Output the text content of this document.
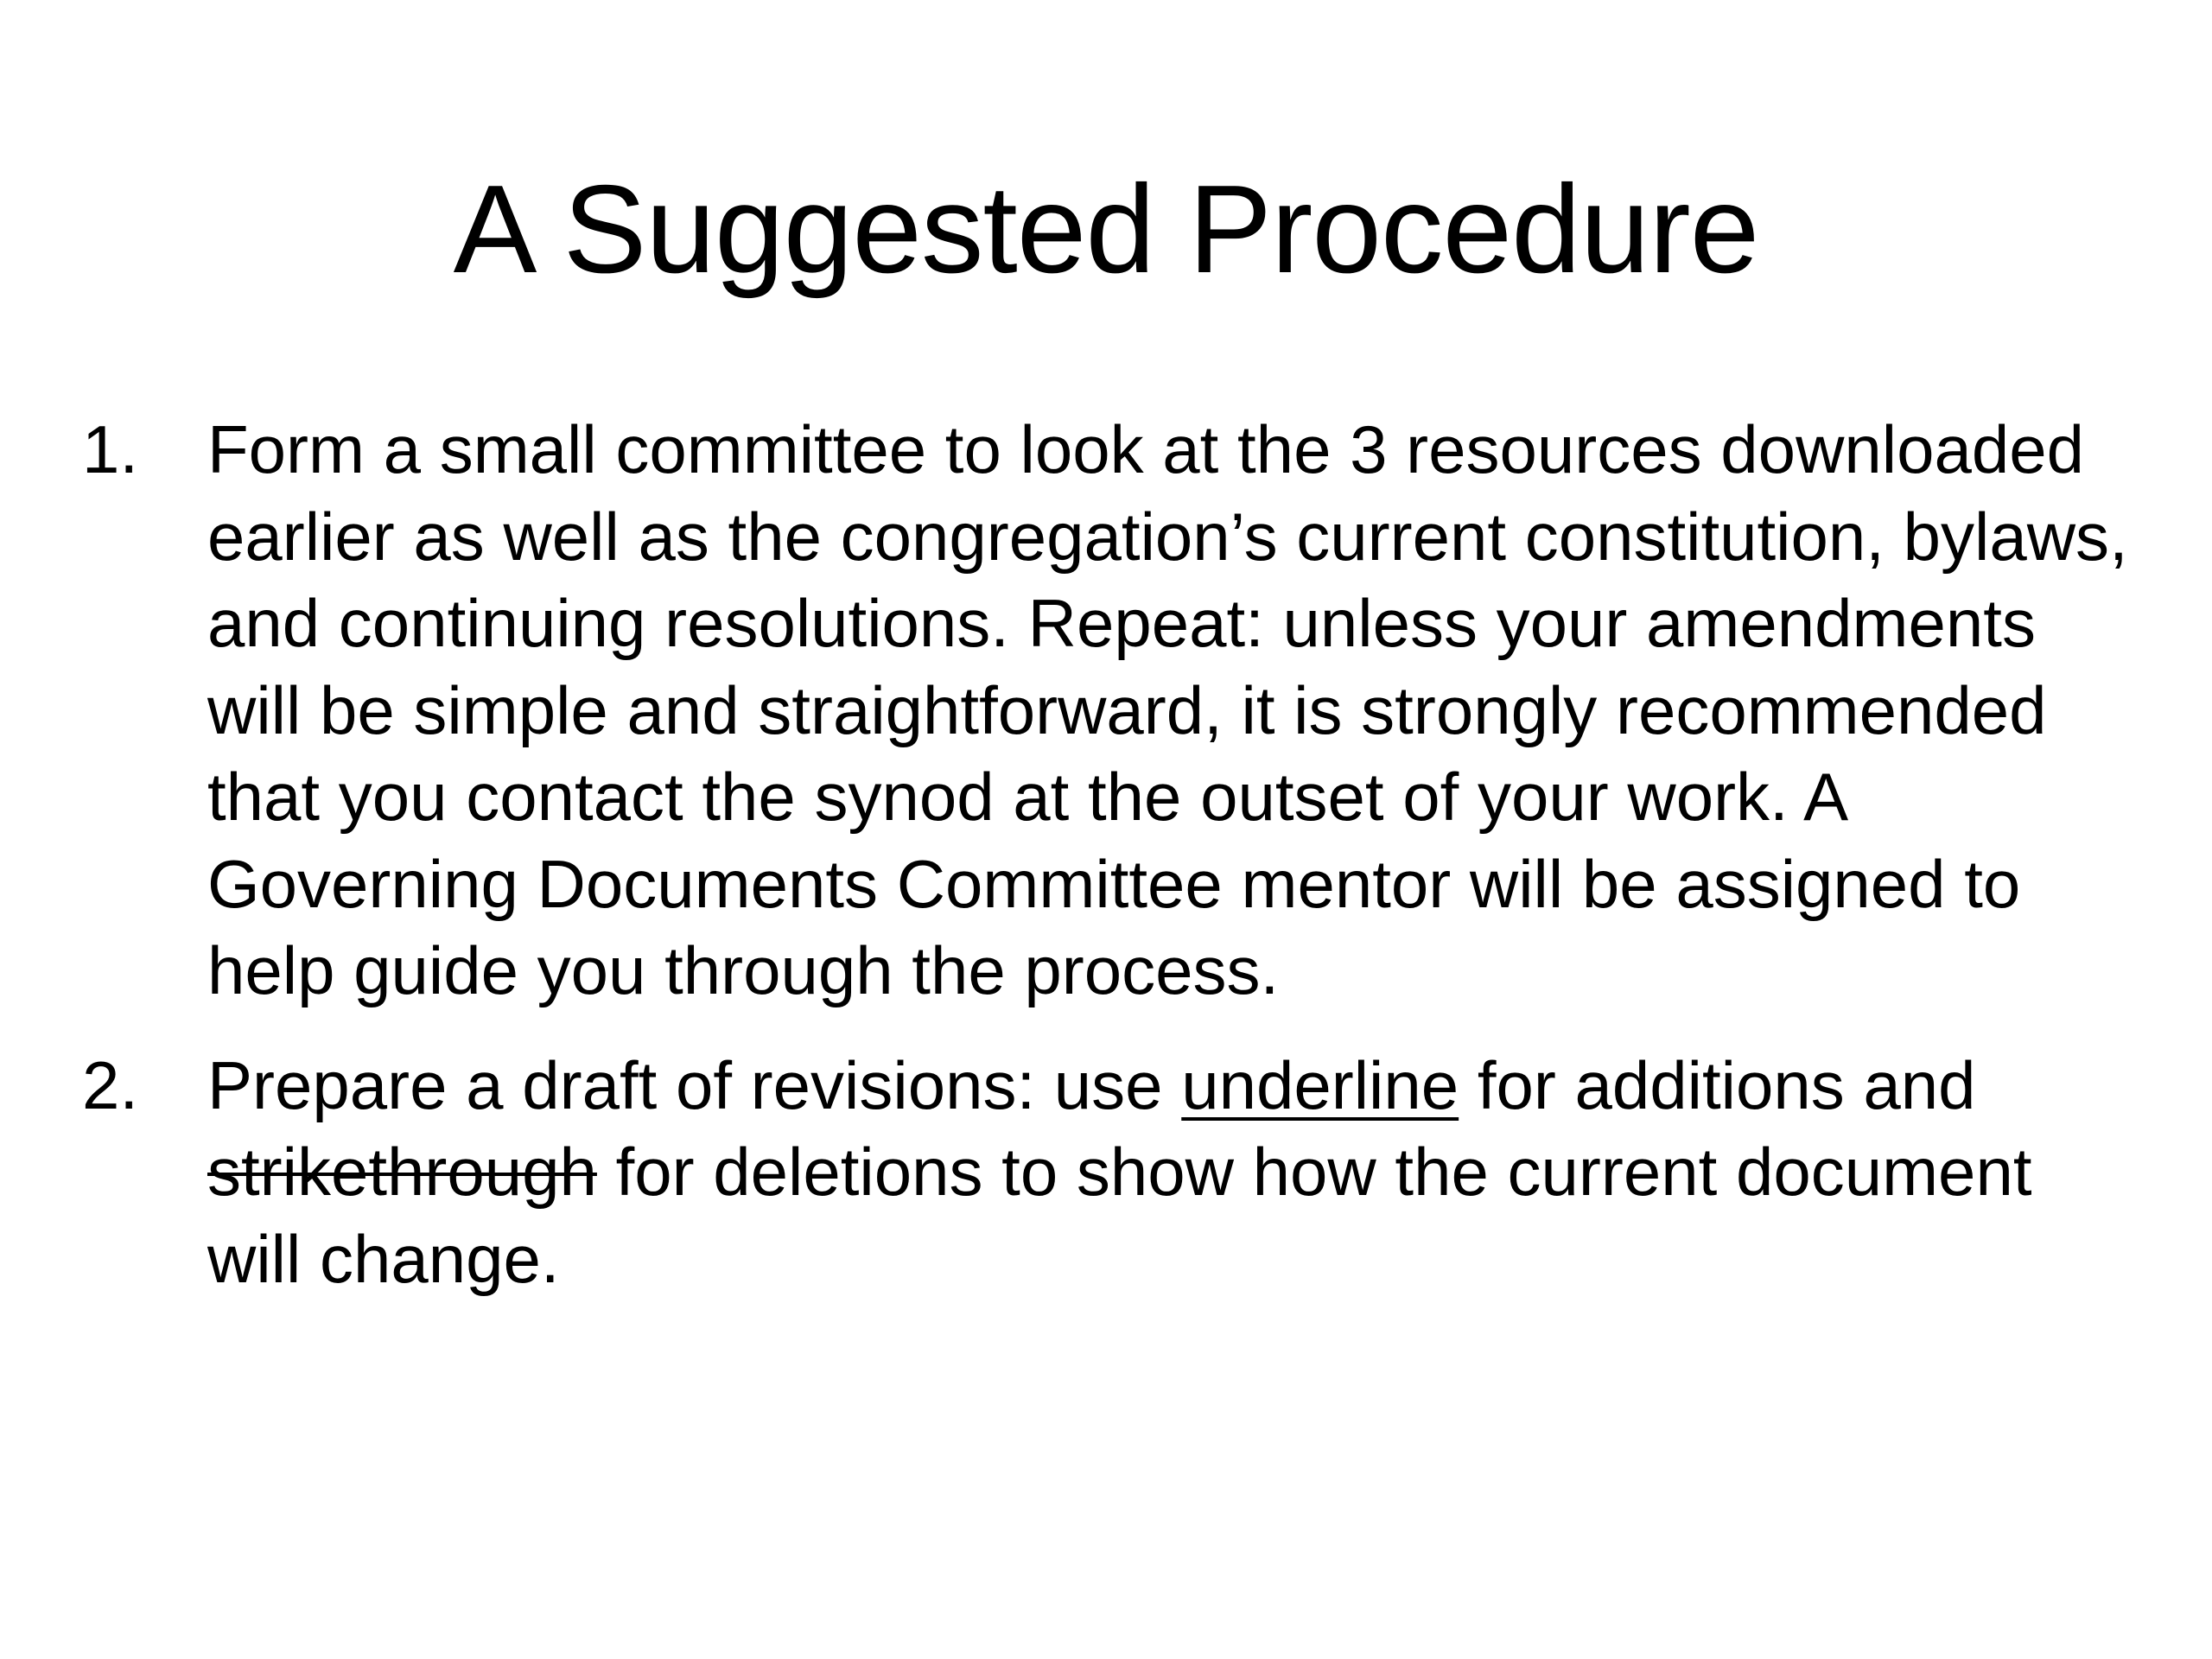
A Suggested Procedure
1. Form a small committee to look at the 3 resources downloaded earlier as well as the congregation’s current constitution, bylaws, and continuing resolutions. Repeat: unless your amendments will be simple and straightforward, it is strongly recommended that you contact the synod at the outset of your work. A Governing Documents Committee mentor will be assigned to help guide you through the process.
2. Prepare a draft of revisions: use underline for additions and strikethrough for deletions to show how the current document will change.
